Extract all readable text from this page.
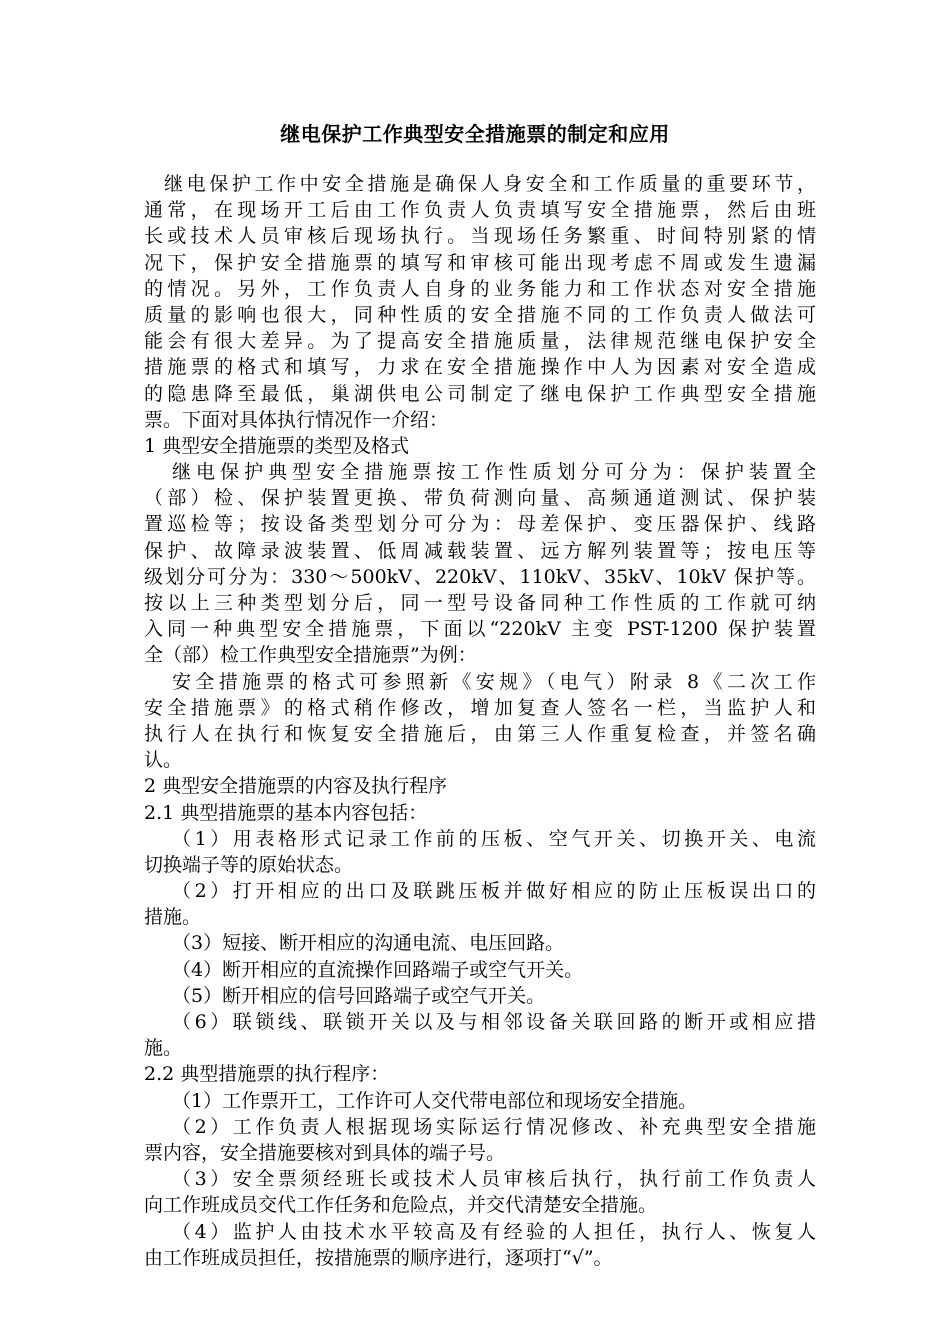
继电保护工作典型安全措施票的制定和应用
继电保护工作中安全措施是确保人身安全和工作质量的重要环节，
通常，在现场开工后由工作负责人负责填写安全措施票，然后由班
长或技术人员审核后现场执行。当现场任务繁重、时间特别紧的情
况下，保护安全措施票的填写和审核可能出现考虑不周或发生遗漏
的情况。另外，工作负责人自身的业务能力和工作状态对安全措施
质量的影响也很大，同种性质的安全措施不同的工作负责人做法可
能会有很大差异。为了提高安全措施质量，法律规范继电保护安全
措施票的格式和填写，力求在安全措施操作中人为因素对安全造成
的隐患降至最低，巢湖供电公司制定了继电保护工作典型安全措施
票。下面对具体执行情况作一介绍：
1 典型安全措施票的类型及格式
继电保护典型安全措施票按工作性质划分可分为：保护装置全
（部）检、保护装置更换、带负荷测向量、高频通道测试、保护装
置巡检等；按设备类型划分可分为：母差保护、变压器保护、线路
保护、故障录波装置、低周减载装置、远方解列装置等；按电压等
级划分可分为：330～500kV、220kV、110kV、35kV、10kV 保护等。
按以上三种类型划分后，同一型号设备同种工作性质的工作就可纳
入同一种典型安全措施票，下面以“220kV 主变 PST-1200 保护装置
全（部）检工作典型安全措施票”为例：
安全措施票的格式可参照新《安规》（电气）附录 8《二次工作
安全措施票》的格式稍作修改，增加复查人签名一栏，当监护人和
执行人在执行和恢复安全措施后，由第三人作重复检查，并签名确
认。
2 典型安全措施票的内容及执行程序
2.1 典型措施票的基本内容包括：
（1）用表格形式记录工作前的压板、空气开关、切换开关、电流
切换端子等的原始状态。
（2）打开相应的出口及联跳压板并做好相应的防止压板误出口的
措施。
（3）短接、断开相应的沟通电流、电压回路。
（4）断开相应的直流操作回路端子或空气开关。
（5）断开相应的信号回路端子或空气开关。
（6）联锁线、联锁开关以及与相邻设备关联回路的断开或相应措
施。
2.2 典型措施票的执行程序：
（1）工作票开工，工作许可人交代带电部位和现场安全措施。
（2）工作负责人根据现场实际运行情况修改、补充典型安全措施
票内容，安全措施要核对到具体的端子号。
（3）安全票须经班长或技术人员审核后执行，执行前工作负责人
向工作班成员交代工作任务和危险点，并交代清楚安全措施。
（4）监护人由技术水平较高及有经验的人担任，执行人、恢复人
由工作班成员担任，按措施票的顺序进行，逐项打“√”。
